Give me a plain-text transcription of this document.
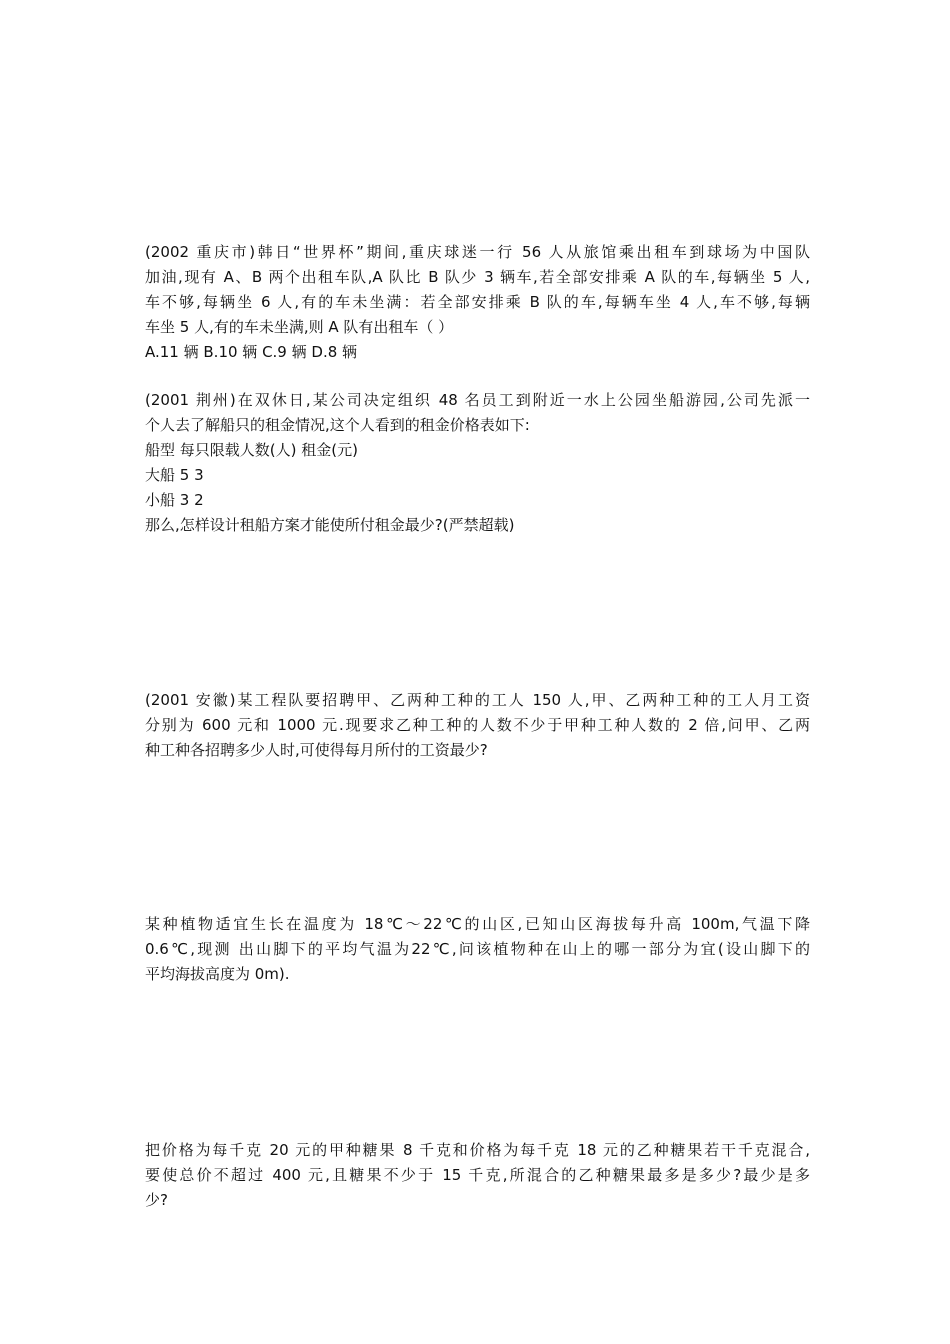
(2002 重庆市)韩日“世界杯”期间,重庆球迷一行 56 人从旅馆乘出租车到球场为中国队
加油,现有 A、B 两个出租车队,A 队比 B 队少 3 辆车,若全部安排乘 A 队的车,每辆坐 5 人,
车不够,每辆坐 6 人,有的车未坐满：若全部安排乘 B 队的车,每辆车坐 4 人,车不够,每辆
车坐 5 人,有的车未坐满,则 A 队有出租车（ ）
A.11 辆 B.10 辆 C.9 辆 D.8 辆
(2001 荆州)在双休日,某公司决定组织 48 名员工到附近一水上公园坐船游园,公司先派一
个人去了解船只的租金情况,这个人看到的租金价格表如下:
船型 每只限载人数(人) 租金(元)
大船 5 3
小船 3 2
那么,怎样设计租船方案才能使所付租金最少?(严禁超载)
(2001 安徽)某工程队要招聘甲、乙两种工种的工人 150 人,甲、乙两种工种的工人月工资
分别为 600 元和 1000 元.现要求乙种工种的人数不少于甲种工种人数的 2 倍,问甲、乙两
种工种各招聘多少人时,可使得每月所付的工资最少?
某种植物适宜生长在温度为 18℃～22℃的山区,已知山区海拔每升高 100m,气温下降
0.6℃,现测 出山脚下的平均气温为22℃,问该植物种在山上的哪一部分为宜(设山脚下的
平均海拔高度为 0m).
把价格为每千克 20 元的甲种糖果 8 千克和价格为每千克 18 元的乙种糖果若干千克混合,
要使总价不超过 400 元,且糖果不少于 15 千克,所混合的乙种糖果最多是多少?最少是多
少?
